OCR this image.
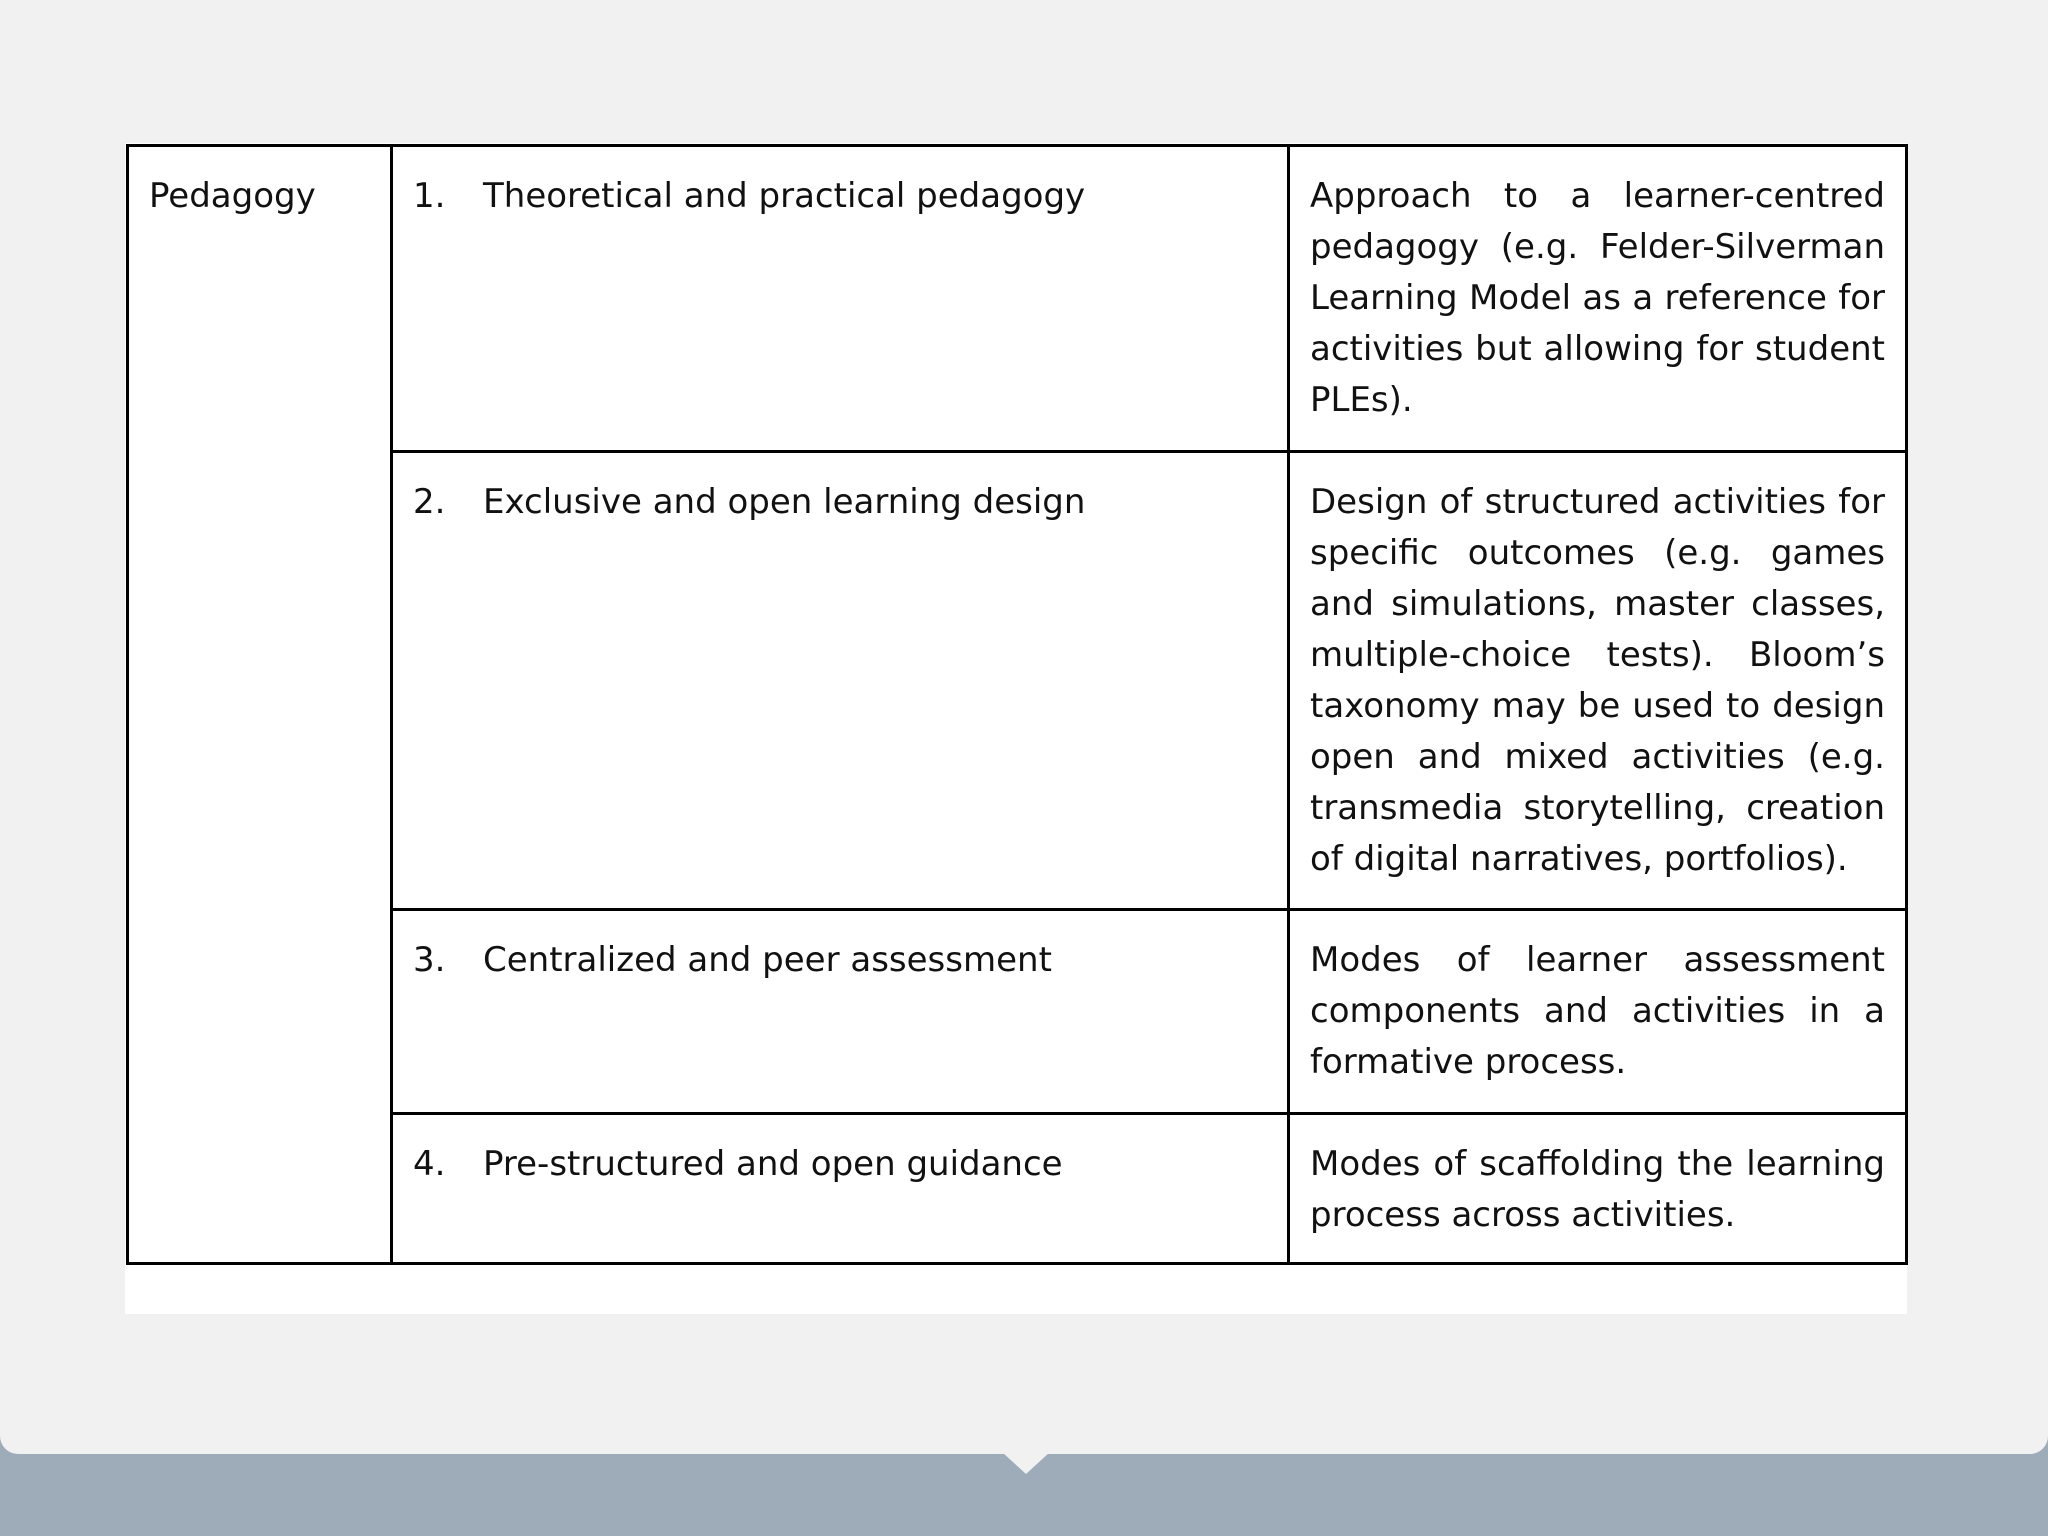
Pedagogy	1. Theoretical and practical pedagogy	Approach to a learner-centred pedagogy (e.g. Felder-Silverman Learning Model as a reference for activities but allowing for student PLEs).
	2. Exclusive and open learning design	Design of structured activities for specific outcomes (e.g. games and simulations, master classes, multiple-choice tests). Bloom’s taxonomy may be used to design open and mixed activities (e.g. transmedia storytelling, creation of digital narratives, portfolios).
	3. Centralized and peer assessment	Modes of learner assessment components and activities in a formative process.
	4. Pre-structured and open guidance	Modes of scaffolding the learning process across activities.
